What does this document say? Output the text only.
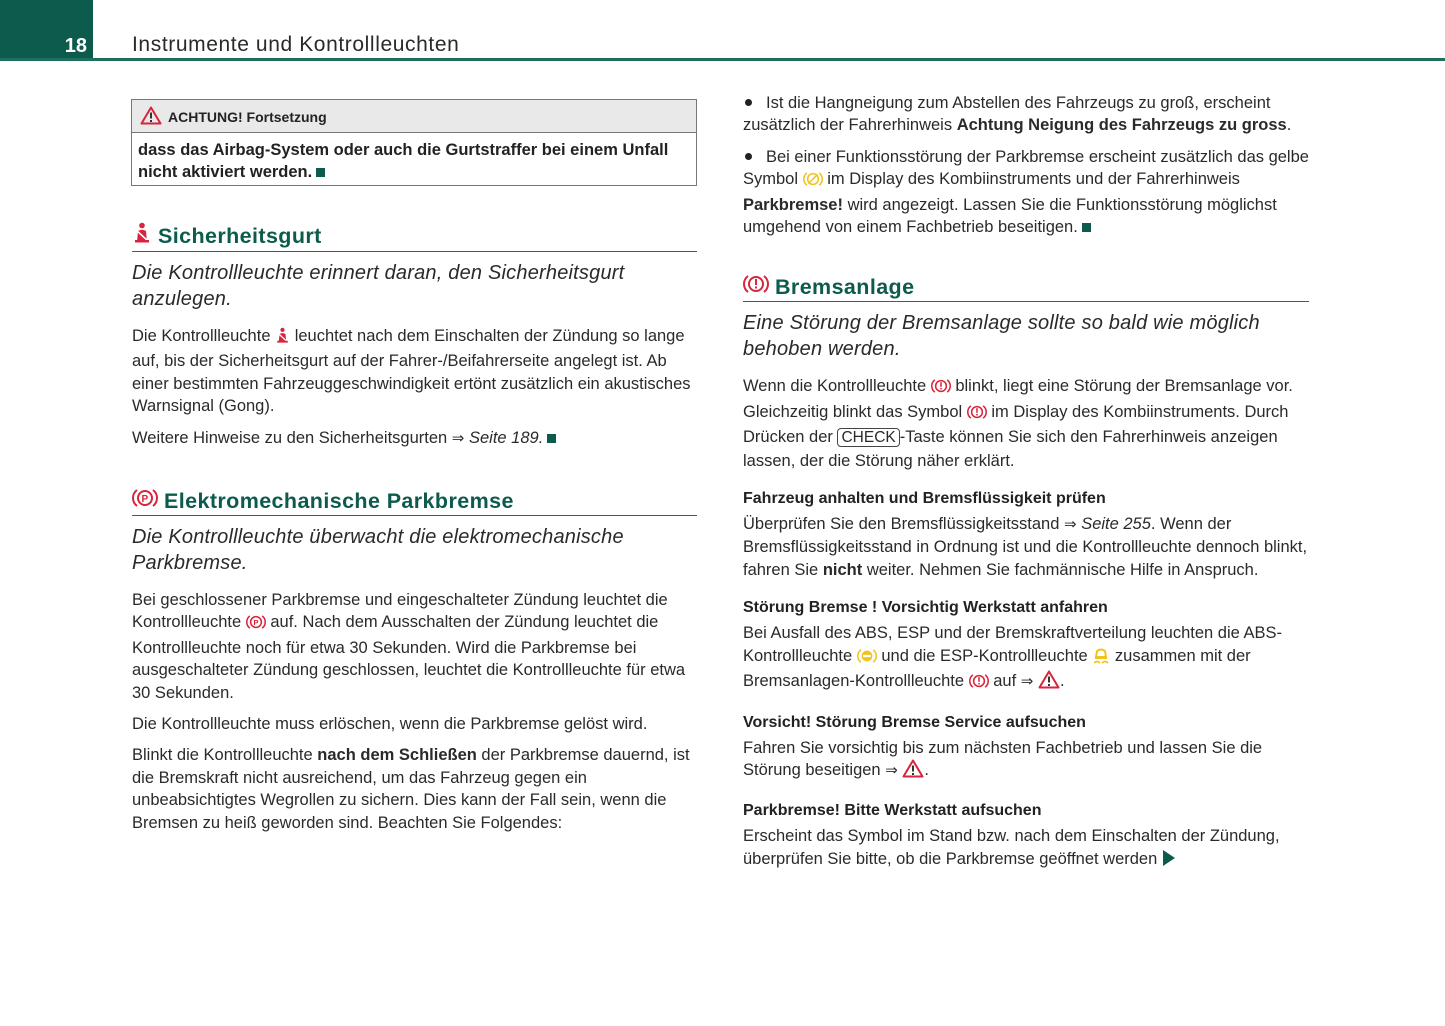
18 Instrumente und Kontrollleuchten
ACHTUNG! Fortsetzung
dass das Airbag-System oder auch die Gurtstraffer bei einem Unfall nicht aktiviert werden.
Sicherheitsgurt
Die Kontrollleuchte erinnert daran, den Sicherheitsgurt anzulegen.

Die Kontrollleuchte leuchtet nach dem Einschalten der Zündung so lange auf, bis der Sicherheitsgurt auf der Fahrer-/Beifahrerseite angelegt ist. Ab einer bestimmten Fahrzeuggeschwindigkeit ertönt zusätzlich ein akustisches Warnsignal (Gong).

Weitere Hinweise zu den Sicherheitsgurten ⇒ Seite 189.

P Elektromechanische Parkbremse
Die Kontrollleuchte überwacht die elektromechanische Parkbremse.

Bei geschlossener Parkbremse und eingeschalteter Zündung leuchtet die Kontrollleuchte P auf. Nach dem Ausschalten der Zündung leuchtet die Kontrollleuchte noch für etwa 30 Sekunden. Wird die Parkbremse bei ausgeschalteter Zündung geschlossen, leuchtet die Kontrollleuchte für etwa 30 Sekunden.

Die Kontrollleuchte muss erlöschen, wenn die Parkbremse gelöst wird.

Blinkt die Kontrollleuchte nach dem Schließen der Parkbremse dauernd, ist die Bremskraft nicht ausreichend, um das Fahrzeug gegen ein unbeabsichtigtes Wegrollen zu sichern. Dies kann der Fall sein, wenn die Bremsen zu heiß geworden sind. Beachten Sie Folgendes:

Ist die Hangneigung zum Abstellen des Fahrzeugs zu groß, erscheint zusätzlich der Fahrerhinweis Achtung Neigung des Fahrzeugs zu gross.

Bei einer Funktionsstörung der Parkbremse erscheint zusätzlich das gelbe Symbol im Display des Kombiinstruments und der Fahrerhinweis Parkbremse! wird angezeigt. Lassen Sie die Funktionsstörung möglichst umgehend von einem Fachbetrieb beseitigen.

Bremsanlage
Eine Störung der Bremsanlage sollte so bald wie möglich behoben werden.

Wenn die Kontrollleuchte blinkt, liegt eine Störung der Bremsanlage vor. Gleichzeitig blinkt das Symbol im Display des Kombiinstruments. Durch Drücken der CHECK -Taste können Sie sich den Fahrerhinweis anzeigen lassen, der die Störung näher erklärt.

Fahrzeug anhalten und Bremsflüssigkeit prüfen

Überprüfen Sie den Bremsflüssigkeitsstand ⇒ Seite 255. Wenn der Bremsflüssigkeitsstand in Ordnung ist und die Kontrollleuchte dennoch blinkt, fahren Sie nicht weiter. Nehmen Sie fachmännische Hilfe in Anspruch.

Störung Bremse ! Vorsichtig Werkstatt anfahren

Bei Ausfall des ABS, ESP und der Bremskraftverteilung leuchten die ABS-Kontrollleuchte und die ESP-Kontrollleuchte zusammen mit der Bremsanlagen-Kontrollleuchte auf ⇒ .

Vorsicht! Störung Bremse Service aufsuchen

Fahren Sie vorsichtig bis zum nächsten Fachbetrieb und lassen Sie die Störung beseitigen ⇒ .

Parkbremse! Bitte Werkstatt aufsuchen

Erscheint das Symbol im Stand bzw. nach dem Einschalten der Zündung, überprüfen Sie bitte, ob die Parkbremse geöffnet werden
